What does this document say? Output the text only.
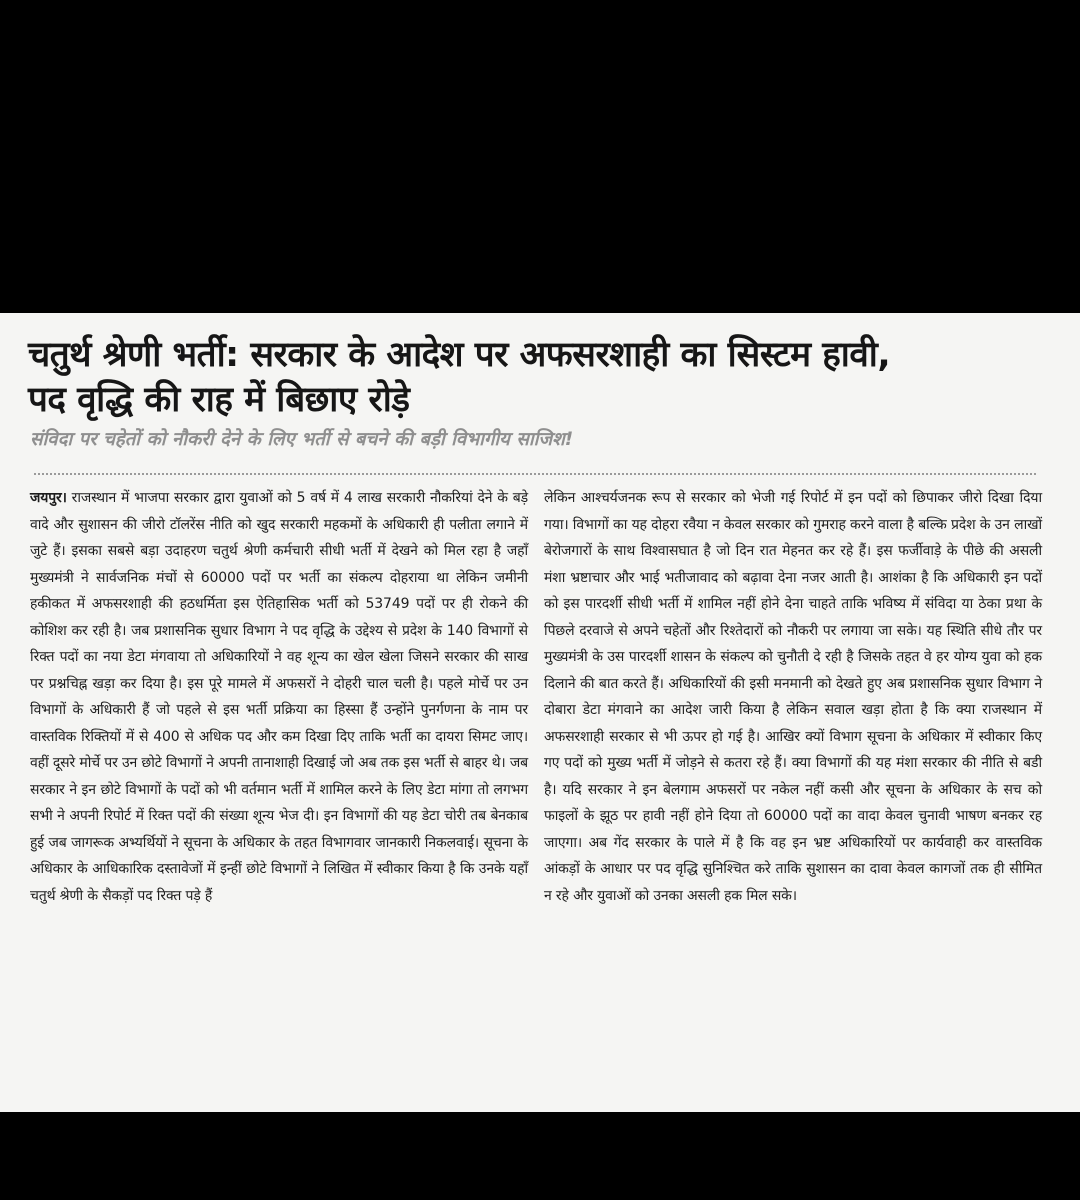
चतुर्थ श्रेणी भर्ती: सरकार के आदेश पर अफसरशाही का सिस्टम हावी,
पद वृद्धि की राह में बिछाए रोड़े
संविदा पर चहेतों को नौकरी देने के लिए भर्ती से बचने की बड़ी विभागीय साजिश!

जयपुर। राजस्थान में भाजपा सरकार द्वारा युवाओं को 5 वर्ष में 4 लाख सरकारी नौकरियां देने के बड़े वादे और सुशासन की जीरो टॉलरेंस नीति को खुद सरकारी महकमों के अधिकारी ही पलीता लगाने में जुटे हैं। इसका सबसे बड़ा उदाहरण चतुर्थ श्रेणी कर्मचारी सीधी भर्ती में देखने को मिल रहा है जहाँ मुख्यमंत्री ने सार्वजनिक मंचों से 60000 पदों पर भर्ती का संकल्प दोहराया था लेकिन जमीनी हकीकत में अफसरशाही की हठधर्मिता इस ऐतिहासिक भर्ती को 53749 पदों पर ही रोकने की कोशिश कर रही है। जब प्रशासनिक सुधार विभाग ने पद वृद्धि के उद्देश्य से प्रदेश के 140 विभागों से रिक्त पदों का नया डेटा मंगवाया तो अधिकारियों ने वह शून्य का खेल खेला जिसने सरकार की साख पर प्रश्नचिह्न खड़ा कर दिया है। इस पूरे मामले में अफसरों ने दोहरी चाल चली है। पहले मोर्चे पर उन विभागों के अधिकारी हैं जो पहले से इस भर्ती प्रक्रिया का हिस्सा हैं उन्होंने पुनर्गणना के नाम पर वास्तविक रिक्तियों में से 400 से अधिक पद और कम दिखा दिए ताकि भर्ती का दायरा सिमट जाए। वहीं दूसरे मोर्चे पर उन छोटे विभागों ने अपनी तानाशाही दिखाई जो अब तक इस भर्ती से बाहर थे। जब सरकार ने इन छोटे विभागों के पदों को भी वर्तमान भर्ती में शामिल करने के लिए डेटा मांगा तो लगभग सभी ने अपनी रिपोर्ट में रिक्त पदों की संख्या शून्य भेज दी। इन विभागों की यह डेटा चोरी तब बेनकाब हुई जब जागरूक अभ्यर्थियों ने सूचना के अधिकार के तहत विभागवार जानकारी निकलवाई। सूचना के अधिकार के आधिकारिक दस्तावेजों में इन्हीं छोटे विभागों ने लिखित में स्वीकार किया है कि उनके यहाँ चतुर्थ श्रेणी के सैकड़ों पद रिक्त पड़े हैं

लेकिन आश्चर्यजनक रूप से सरकार को भेजी गई रिपोर्ट में इन पदों को छिपाकर जीरो दिखा दिया गया। विभागों का यह दोहरा रवैया न केवल सरकार को गुमराह करने वाला है बल्कि प्रदेश के उन लाखों बेरोजगारों के साथ विश्वासघात है जो दिन रात मेहनत कर रहे हैं। इस फर्जीवाड़े के पीछे की असली मंशा भ्रष्टाचार और भाई भतीजावाद को बढ़ावा देना नजर आती है। आशंका है कि अधिकारी इन पदों को इस पारदर्शी सीधी भर्ती में शामिल नहीं होने देना चाहते ताकि भविष्य में संविदा या ठेका प्रथा के पिछले दरवाजे से अपने चहेतों और रिश्तेदारों को नौकरी पर लगाया जा सके। यह स्थिति सीधे तौर पर मुख्यमंत्री के उस पारदर्शी शासन के संकल्प को चुनौती दे रही है जिसके तहत वे हर योग्य युवा को हक दिलाने की बात करते हैं। अधिकारियों की इसी मनमानी को देखते हुए अब प्रशासनिक सुधार विभाग ने दोबारा डेटा मंगवाने का आदेश जारी किया है लेकिन सवाल खड़ा होता है कि क्या राजस्थान में अफसरशाही सरकार से भी ऊपर हो गई है। आखिर क्यों विभाग सूचना के अधिकार में स्वीकार किए गए पदों को मुख्य भर्ती में जोड़ने से कतरा रहे हैं। क्या विभागों की यह मंशा सरकार की नीति से बडी है। यदि सरकार ने इन बेलगाम अफसरों पर नकेल नहीं कसी और सूचना के अधिकार के सच को फाइलों के झूठ पर हावी नहीं होने दिया तो 60000 पदों का वादा केवल चुनावी भाषण बनकर रह जाएगा। अब गेंद सरकार के पाले में है कि वह इन भ्रष्ट अधिकारियों पर कार्यवाही कर वास्तविक आंकड़ों के आधार पर पद वृद्धि सुनिश्चित करे ताकि सुशासन का दावा केवल कागजों तक ही सीमित न रहे और युवाओं को उनका असली हक मिल सके।
